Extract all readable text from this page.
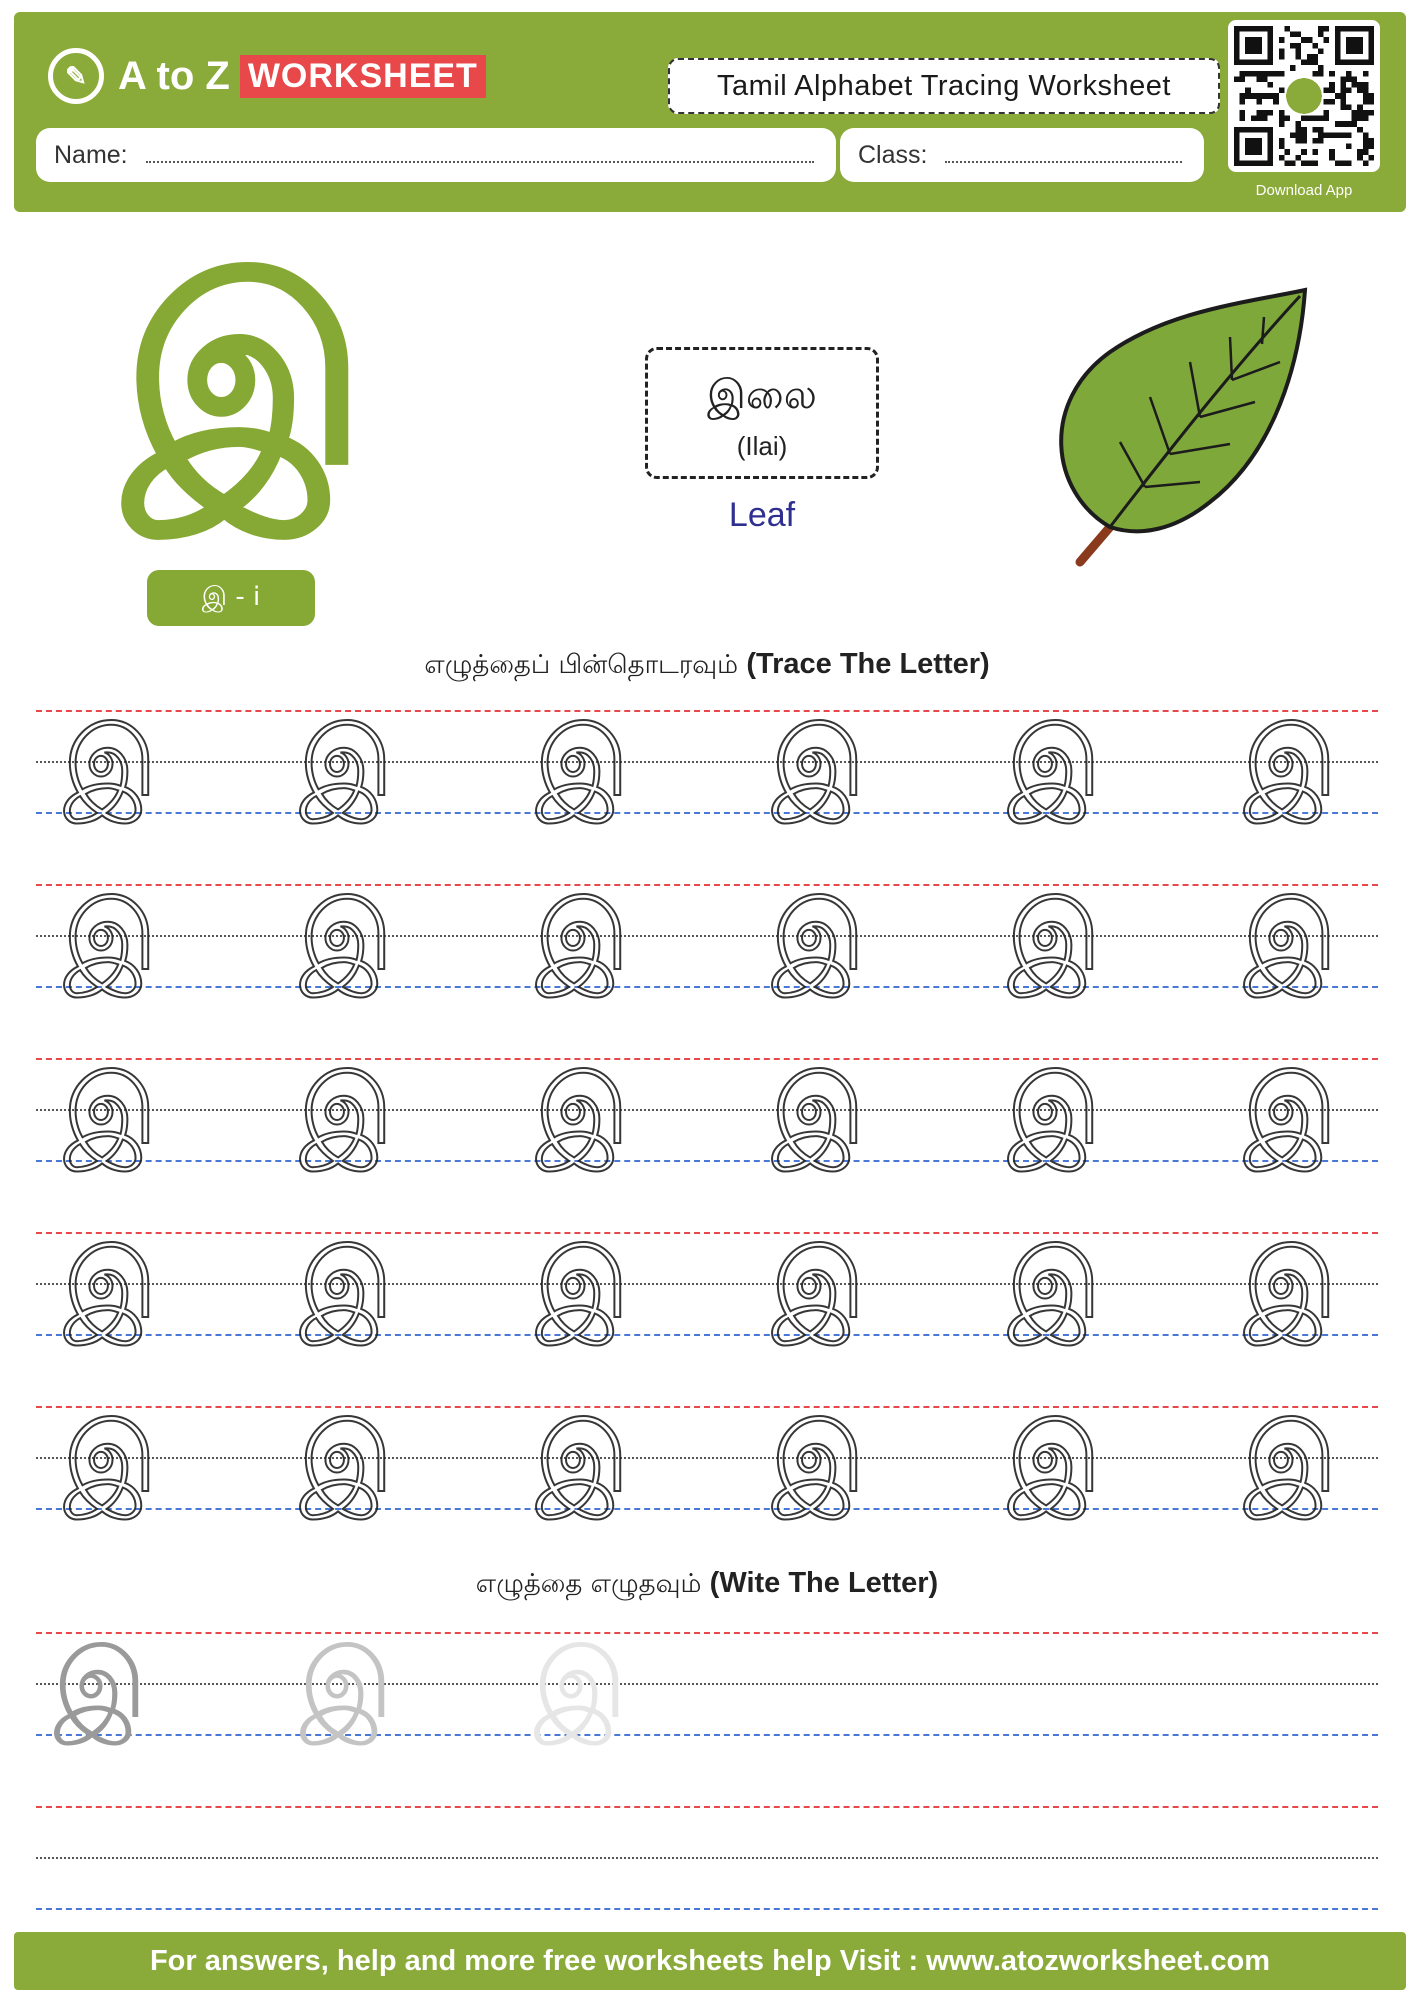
✎ A to Z WORKSHEET	Tamil Alphabet Tracing Worksheet
Name:	Class:
Download App
இ
இ - i
இலை
(Ilai)
Leaf
எழுத்தைப் பின்தொடரவும் (Trace The Letter)
இ இ இ இ இ இ
இ இ இ இ இ இ
இ இ இ இ இ இ
இ இ இ இ இ இ
இ இ இ இ இ இ
எழுத்தை எழுதவும் (Wite The Letter)
இ இ இ
For answers, help and more free worksheets help Visit : www.atozworksheet.com
